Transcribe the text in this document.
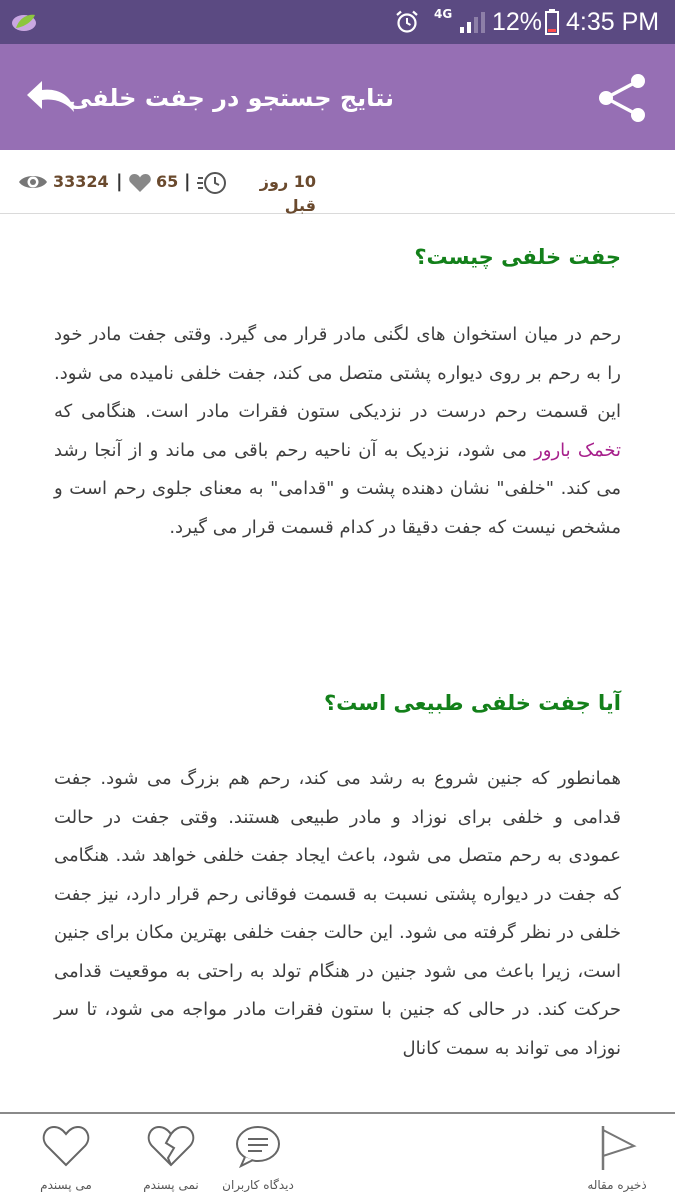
4G 12% 4:35 PM
نتایج جستجو در جفت خلفی
33324 | 65 |	10 روز قبل
جفت خلفی چیست؟

رحم در میان استخوان های لگنی مادر قرار می گیرد. وقتی جفت مادر خود را به رحم بر روی دیواره پشتی متصل می کند، جفت خلفی نامیده می شود. این قسمت رحم درست در نزدیکی ستون فقرات مادر است. هنگامی که تخمک بارور می شود، نزدیک به آن ناحیه رحم باقی می ماند و از آنجا رشد می کند. "خلفی" نشان دهنده پشت و "قدامی" به معنای جلوی رحم است و مشخص نیست که جفت دقیقا در کدام قسمت قرار می گیرد.

آیا جفت خلفی طبیعی است؟

همانطور که جنین شروع به رشد می کند، رحم هم بزرگ می شود. جفت قدامی و خلفی برای نوزاد و مادر طبیعی هستند. وقتی جفت در حالت عمودی به رحم متصل می شود، باعث ایجاد جفت خلفی خواهد شد. هنگامی که جفت در دیواره پشتی نسبت به قسمت فوقانی رحم قرار دارد، نیز جفت خلفی در نظر گرفته می شود. این حالت جفت خلفی بهترین مکان برای جنین است، زیرا باعث می شود جنین در هنگام تولد به راحتی به موقعیت قدامی حرکت کند. در حالی که جنین با ستون فقرات مادر مواجه می شود، تا سر نوزاد می تواند به سمت کانال

می پسندم	نمی پسندم	دیدگاه کاربران	ذخیره مقاله
